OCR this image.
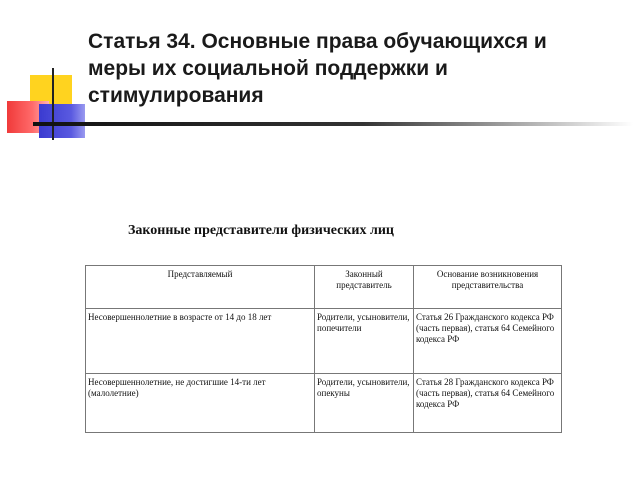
Статья 34. Основные права обучающихся и меры их социальной поддержки и стимулирования
Законные представители физических лиц
Представляемый	Законный представитель	Основание возникновения представительства
Несовершеннолетние в возрасте от 14 до 18 лет	Родители, усыновители, попечители	Статья 26 Гражданского кодекса РФ (часть первая), статья 64 Семейного кодекса РФ
Несовершеннолетние, не достигшие 14-ти лет (малолетние)	Родители, усыновители, опекуны	Статья 28 Гражданского кодекса РФ (часть первая), статья 64 Семейного кодекса РФ
